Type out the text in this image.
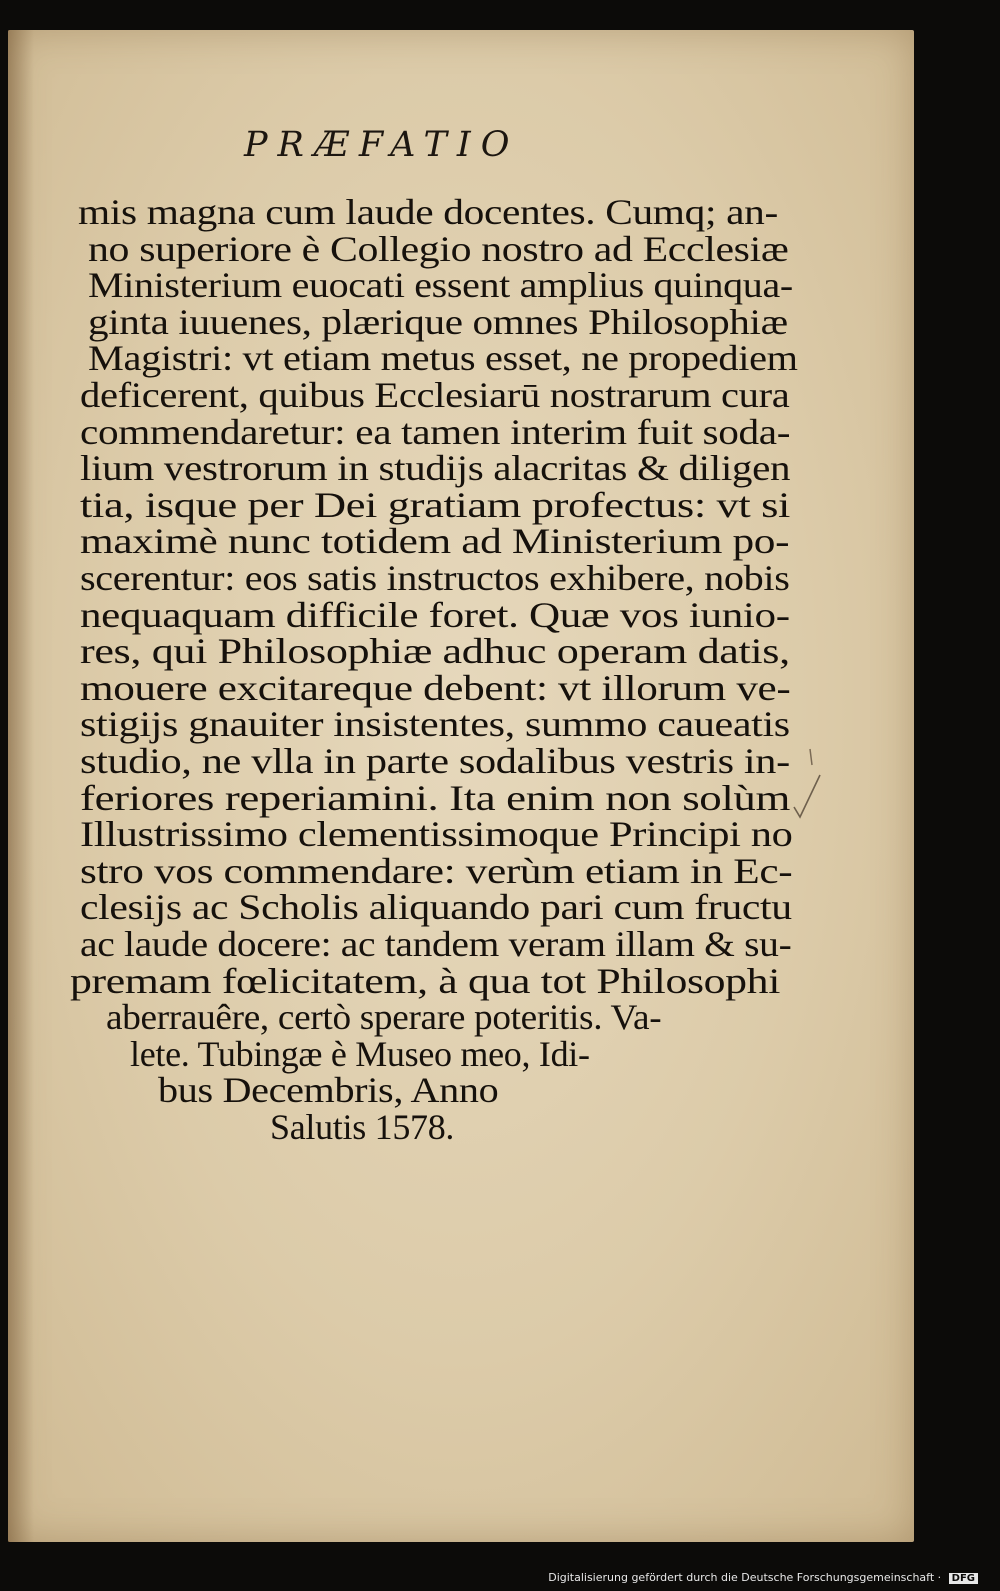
PRÆFATIO
mis magna cum laude docentes. Cumq; an-
no superiore è Collegio nostro ad Ecclesiæ
Ministerium euocati essent amplius quinqua-
ginta iuuenes, plærique omnes Philosophiæ
Magistri: vt etiam metus esset, ne propediem
deficerent, quibus Ecclesiarū nostrarum cura
commendaretur: ea tamen interim fuit soda-
lium vestrorum in studijs alacritas & diligen
tia, isque per Dei gratiam profectus: vt si
maximè nunc totidem ad Ministerium po-
scerentur: eos satis instructos exhibere, nobis
nequaquam difficile foret. Quæ vos iunio-
res, qui Philosophiæ adhuc operam datis,
mouere excitareque debent: vt illorum ve-
stigijs gnauiter insistentes, summo caueatis
studio, ne vlla in parte sodalibus vestris in-
feriores reperiamini. Ita enim non solùm
Illustrissimo clementissimoque Principi no
stro vos commendare: verùm etiam in Ec-
clesijs ac Scholis aliquando pari cum fructu
ac laude docere: ac tandem veram illam & su-
premam fœlicitatem, à qua tot Philosophi
aberrauêre, certò sperare poteritis. Va-
lete. Tubingæ è Museo meo, Idi-
bus Decembris, Anno
Salutis 1578.
Digitalisierung gefördert durch die Deutsche Forschungsgemeinschaft · DFG
